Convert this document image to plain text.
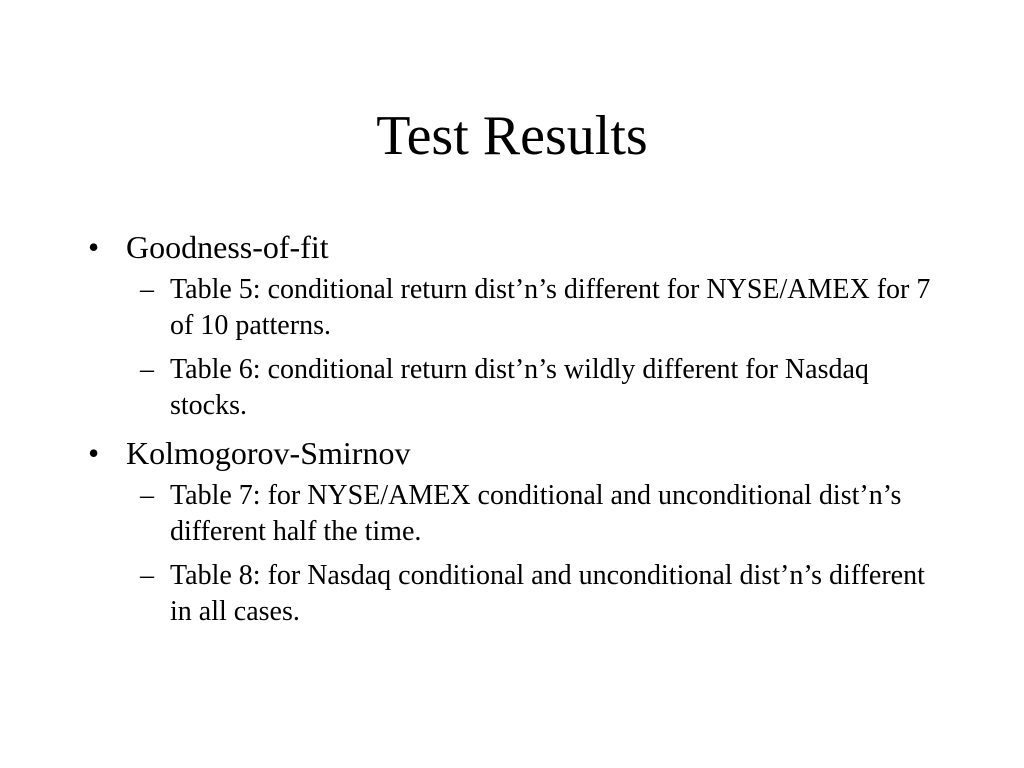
Test Results
• Goodness-of-fit
– Table 5: conditional return dist’n’s different for NYSE/AMEX for 7 of 10 patterns.
– Table 6: conditional return dist’n’s wildly different for Nasdaq stocks.
• Kolmogorov-Smirnov
– Table 7: for NYSE/AMEX conditional and unconditional dist’n’s different half the time.
– Table 8: for Nasdaq conditional and unconditional dist’n’s different in all cases.
